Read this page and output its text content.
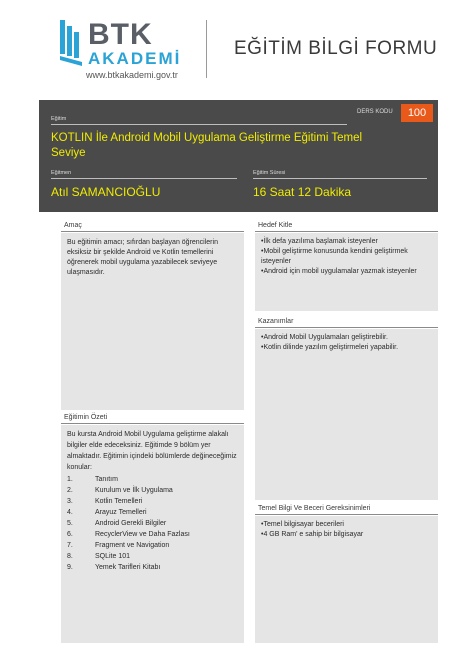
BTK
AKADEMİ
www.btkakademi.gov.tr
EĞİTİM BİLGİ FORMU
Eğitim
DERS KODU	100
KOTLIN İle Android Mobil Uygulama Geliştirme Eğitimi Temel Seviye
Eğitmen
Atıl SAMANCIOĞLU
Eğitim Süresi
16 Saat 12 Dakika
Amaç
Bu eğitimin amacı; sıfırdan başlayan öğrencilerin eksiksiz bir şekilde Android ve Kotlin temellerini öğrenerek mobil uygulama yazabilecek seviyeye ulaşmasıdır.
Hedef Kitle
•İlk defa yazılıma başlamak isteyenler
•Mobil geliştirme konusunda kendini geliştirmek isteyenler
•Android için mobil uygulamalar yazmak isteyenler
Kazanımlar
•Android Mobil Uygulamaları geliştirebilir.
•Kotlin dilinde yazılım geliştirmeleri yapabilir.
Eğitimin Özeti
Bu kursta Android Mobil Uygulama geliştirme alakalı bilgiler elde edeceksiniz. Eğitimde 9 bölüm yer almaktadır. Eğitimin içindeki bölümlerde değineceğimiz konular:
1.	Tanıtım
2.	Kurulum ve İlk Uygulama
3.	Kotlin Temelleri
4.	Arayuz Temelleri
5.	Android Gerekli Bilgiler
6.	RecyclerView ve Daha Fazlası
7.	Fragment ve Navigation
8.	SQLite 101
9.	Yemek Tarifleri Kitabı
Temel Bilgi Ve Beceri Gereksinimleri
•Temel bilgisayar becerileri
•4 GB Ram' e sahip bir bilgisayar
